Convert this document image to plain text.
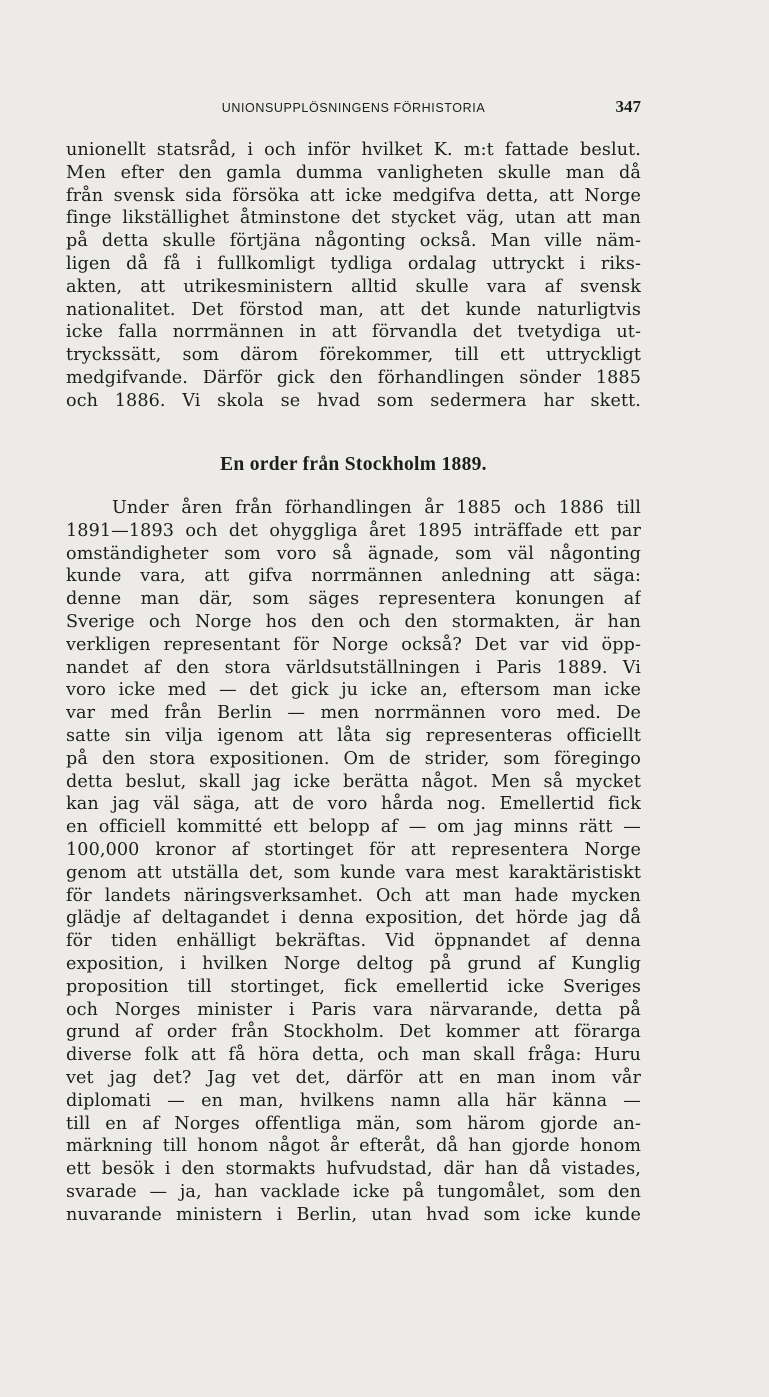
UNIONSUPPLÖSNINGENS FÖRHISTORIA	347
unionellt statsråd, i och inför hvilket K. m:t fattade beslut.
Men efter den gamla dumma vanligheten skulle man då
från svensk sida försöka att icke medgifva detta, att Norge
finge likställighet åtminstone det stycket väg, utan att man
på detta skulle förtjäna någonting också. Man ville näm-
ligen då få i fullkomligt tydliga ordalag uttryckt i riks-
akten, att utrikesministern alltid skulle vara af svensk
nationalitet. Det förstod man, att det kunde naturligtvis
icke falla norrmännen in att förvandla det tvetydiga ut-
tryckssätt, som därom förekommer, till ett uttryckligt
medgifvande. Därför gick den förhandlingen sönder 1885
och 1886. Vi skola se hvad som sedermera har skett.
En order från Stockholm 1889.
Under åren från förhandlingen år 1885 och 1886 till
1891—1893 och det ohyggliga året 1895 inträffade ett par
omständigheter som voro så ägnade, som väl någonting
kunde vara, att gifva norrmännen anledning att säga:
denne man där, som säges representera konungen af
Sverige och Norge hos den och den stormakten, är han
verkligen representant för Norge också? Det var vid öpp-
nandet af den stora världsutställningen i Paris 1889. Vi
voro icke med — det gick ju icke an, eftersom man icke
var med från Berlin — men norrmännen voro med. De
satte sin vilja igenom att låta sig representeras officiellt
på den stora expositionen. Om de strider, som föregingo
detta beslut, skall jag icke berätta något. Men så mycket
kan jag väl säga, att de voro hårda nog. Emellertid fick
en officiell kommitté ett belopp af — om jag minns rätt —
100,000 kronor af stortinget för att representera Norge
genom att utställa det, som kunde vara mest karaktäristiskt
för landets näringsverksamhet. Och att man hade mycken
glädje af deltagandet i denna exposition, det hörde jag då
för tiden enhälligt bekräftas. Vid öppnandet af denna
exposition, i hvilken Norge deltog på grund af Kunglig
proposition till stortinget, fick emellertid icke Sveriges
och Norges minister i Paris vara närvarande, detta på
grund af order från Stockholm. Det kommer att förarga
diverse folk att få höra detta, och man skall fråga: Huru
vet jag det? Jag vet det, därför att en man inom vår
diplomati — en man, hvilkens namn alla här känna —
till en af Norges offentliga män, som härom gjorde an-
märkning till honom något år efteråt, då han gjorde honom
ett besök i den stormakts hufvudstad, där han då vistades,
svarade — ja, han vacklade icke på tungomålet, som den
nuvarande ministern i Berlin, utan hvad som icke kunde
